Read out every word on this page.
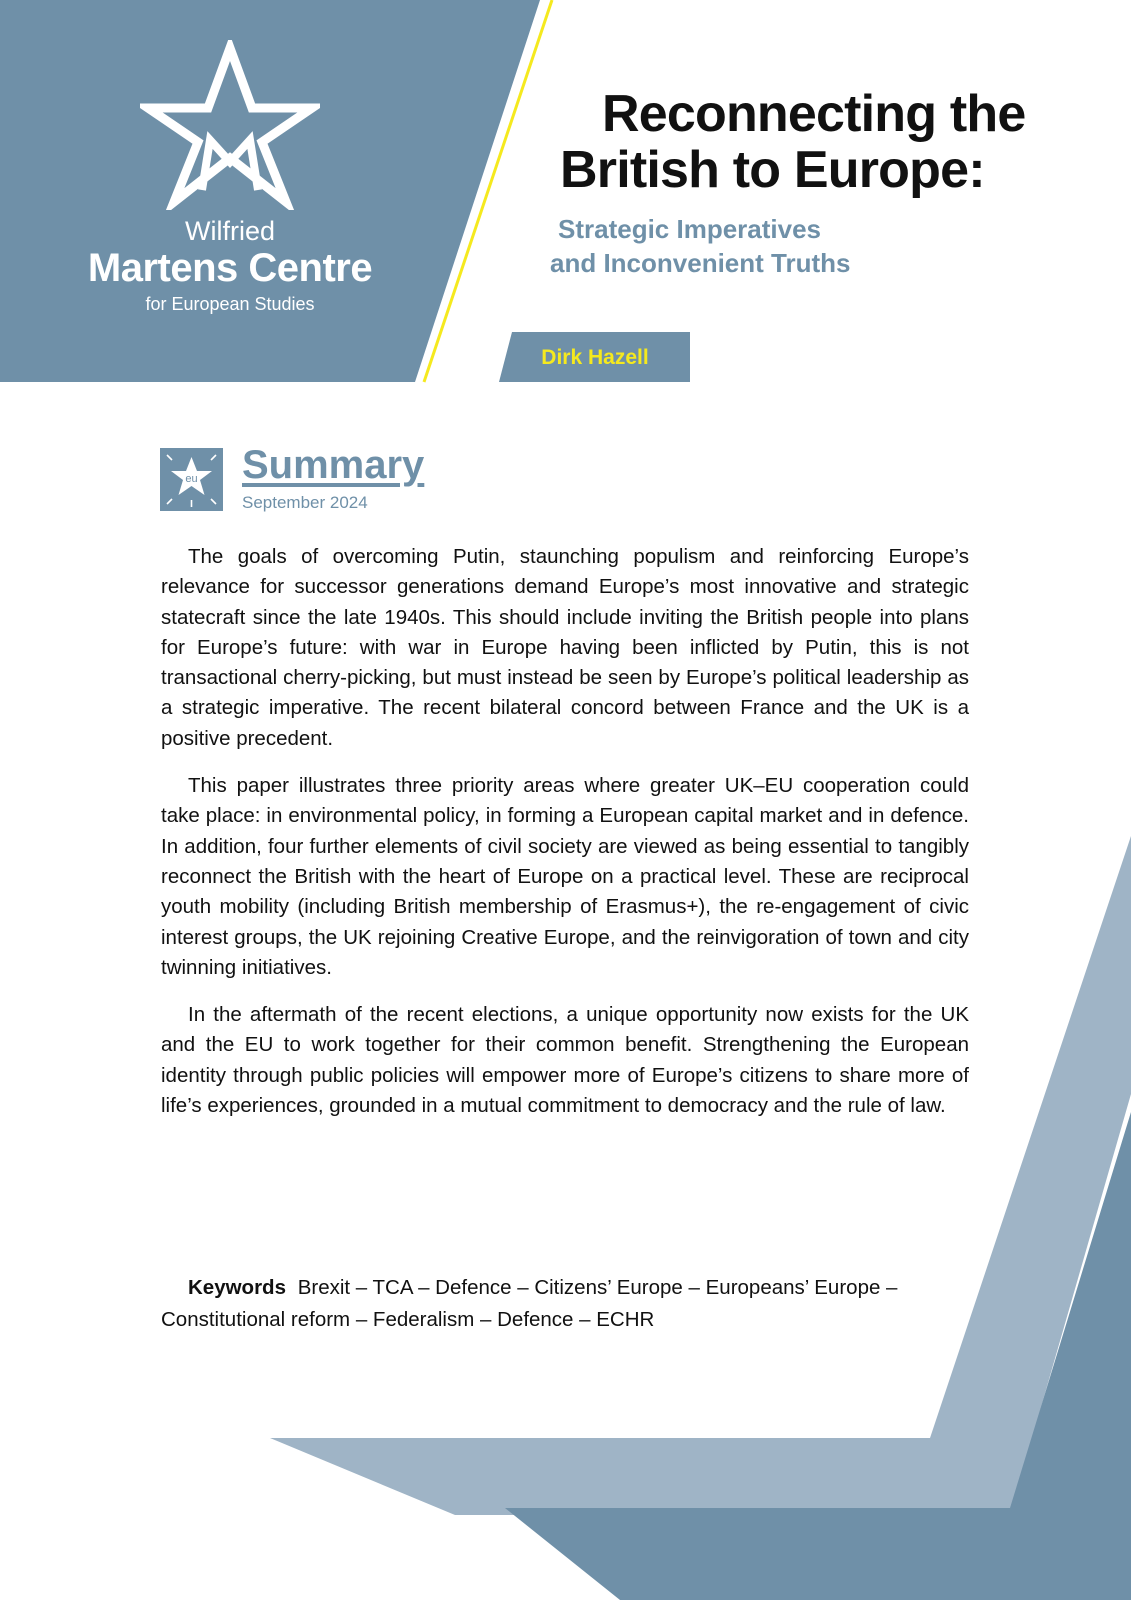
Wilfried
Martens Centre
for European Studies
Reconnecting the
British to Europe:
Strategic Imperatives
and Inconvenient Truths
Dirk Hazell
eu Summary
September 2024

The goals of overcoming Putin, staunching populism and reinforcing Europe’s relevance for successor generations demand Europe’s most innovative and strategic statecraft since the late 1940s. This should include inviting the British people into plans for Europe’s future: with war in Europe having been inflicted by Putin, this is not transactional cherry-picking, but must instead be seen by Europe’s political leadership as a strategic imperative. The recent bilateral concord between France and the UK is a positive precedent.

This paper illustrates three priority areas where greater UK–EU cooperation could take place: in environmental policy, in forming a European capital market and in defence. In addition, four further elements of civil society are viewed as being essential to tangibly reconnect the British with the heart of Europe on a practical level. These are reciprocal youth mobility (including British membership of Erasmus+), the re-engagement of civic interest groups, the UK rejoining Creative Europe, and the reinvigoration of town and city twinning initiatives.

In the aftermath of the recent elections, a unique opportunity now exists for the UK and the EU to work together for their common benefit. Strengthening the European identity through public policies will empower more of Europe’s citizens to share more of life’s experiences, grounded in a mutual commitment to democracy and the rule of law.

Keywords Brexit – TCA – Defence – Citizens’ Europe – Europeans’ Europe – Constitutional reform – Federalism – Defence – ECHR
